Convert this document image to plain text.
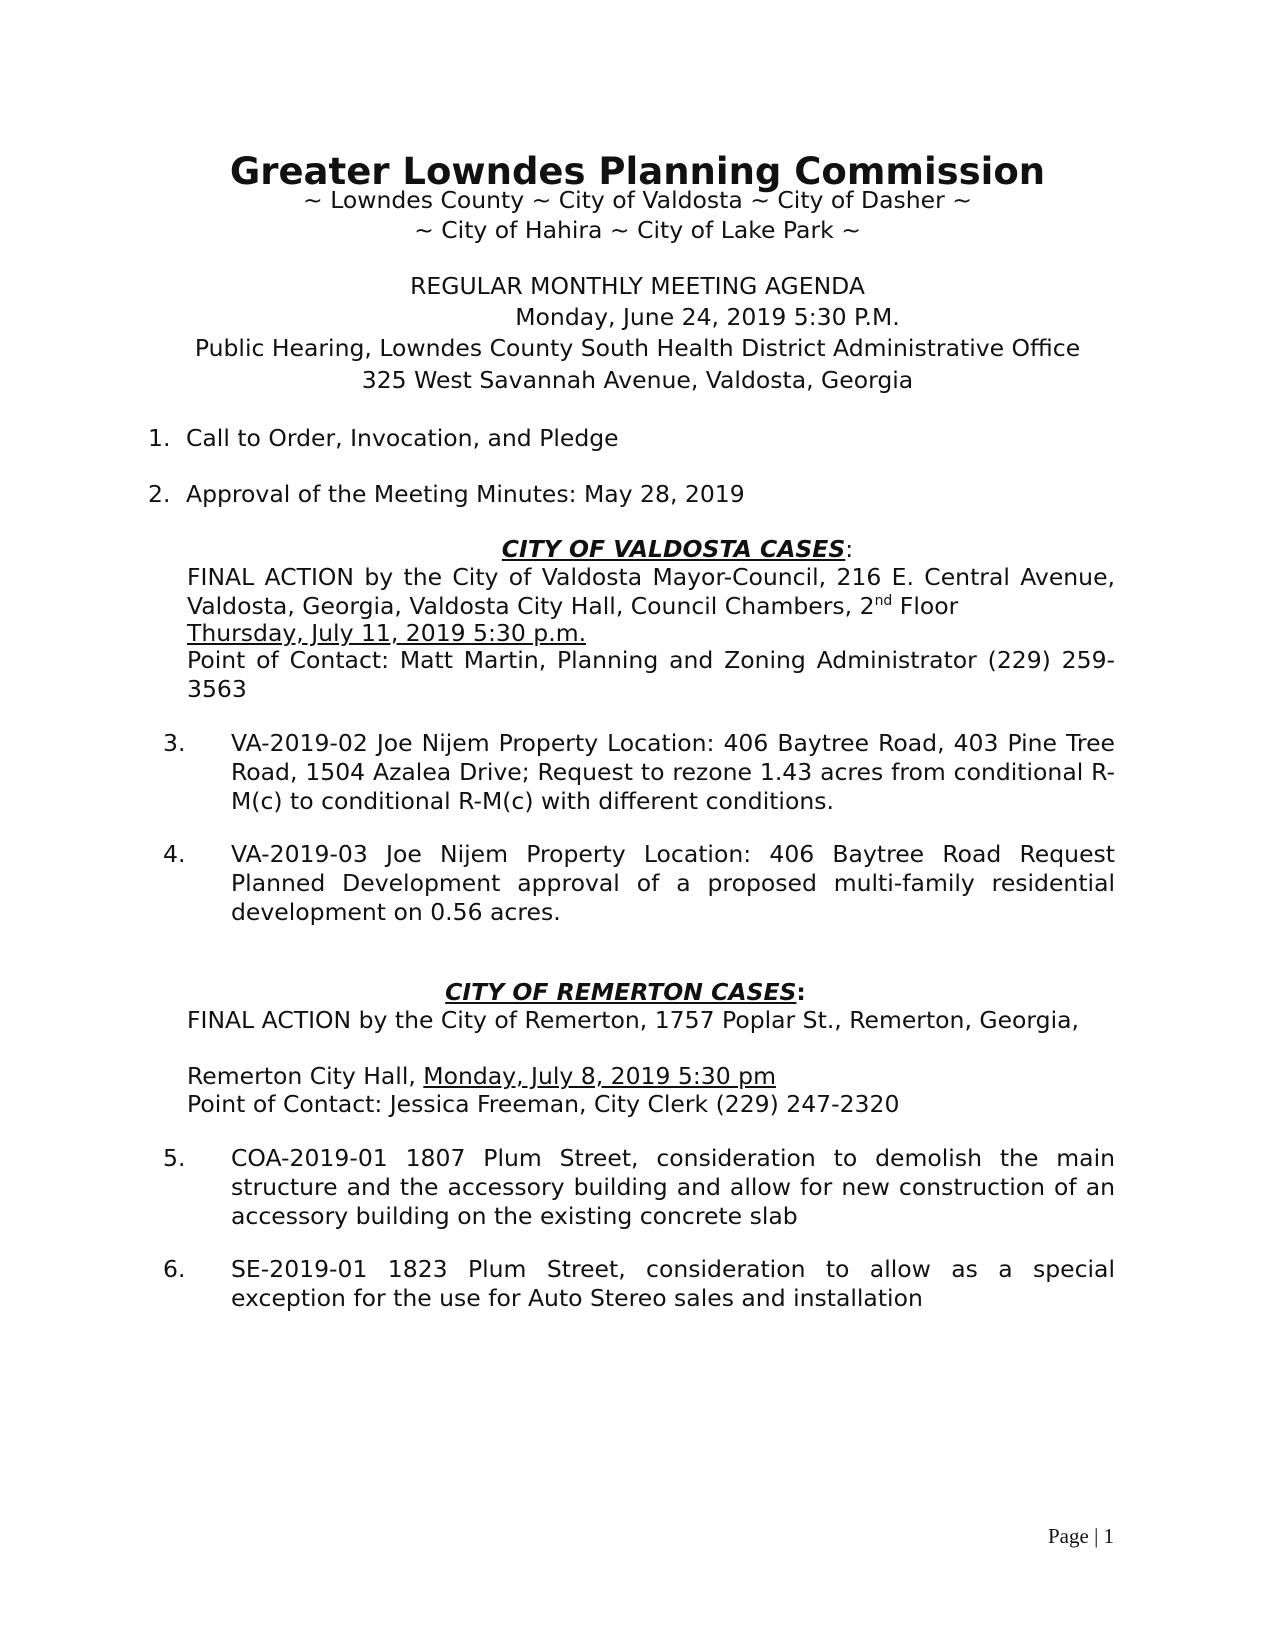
Greater Lowndes Planning Commission
~ Lowndes County ~ City of Valdosta ~ City of Dasher ~
~ City of Hahira ~ City of Lake Park ~
REGULAR MONTHLY MEETING AGENDA
Monday, June 24, 2019 5:30 P.M.
Public Hearing, Lowndes County South Health District Administrative Office
325 West Savannah Avenue, Valdosta, Georgia
1. Call to Order, Invocation, and Pledge
2. Approval of the Meeting Minutes: May 28, 2019
CITY OF VALDOSTA CASES:
FINAL ACTION by the City of Valdosta Mayor-Council, 216 E. Central Avenue, Valdosta, Georgia, Valdosta City Hall, Council Chambers, 2nd Floor
Thursday, July 11, 2019 5:30 p.m.
Point of Contact: Matt Martin, Planning and Zoning Administrator (229) 259-3563
3. VA-2019-02 Joe Nijem Property Location: 406 Baytree Road, 403 Pine Tree Road, 1504 Azalea Drive; Request to rezone 1.43 acres from conditional R-M(c) to conditional R-M(c) with different conditions.
4. VA-2019-03 Joe Nijem Property Location: 406 Baytree Road Request Planned Development approval of a proposed multi-family residential development on 0.56 acres.
CITY OF REMERTON CASES:
FINAL ACTION by the City of Remerton, 1757 Poplar St., Remerton, Georgia,
Remerton City Hall, Monday, July 8, 2019 5:30 pm
Point of Contact: Jessica Freeman, City Clerk (229) 247-2320
5. COA-2019-01 1807 Plum Street, consideration to demolish the main structure and the accessory building and allow for new construction of an accessory building on the existing concrete slab
6. SE-2019-01 1823 Plum Street, consideration to allow as a special exception for the use for Auto Stereo sales and installation
Page | 1
